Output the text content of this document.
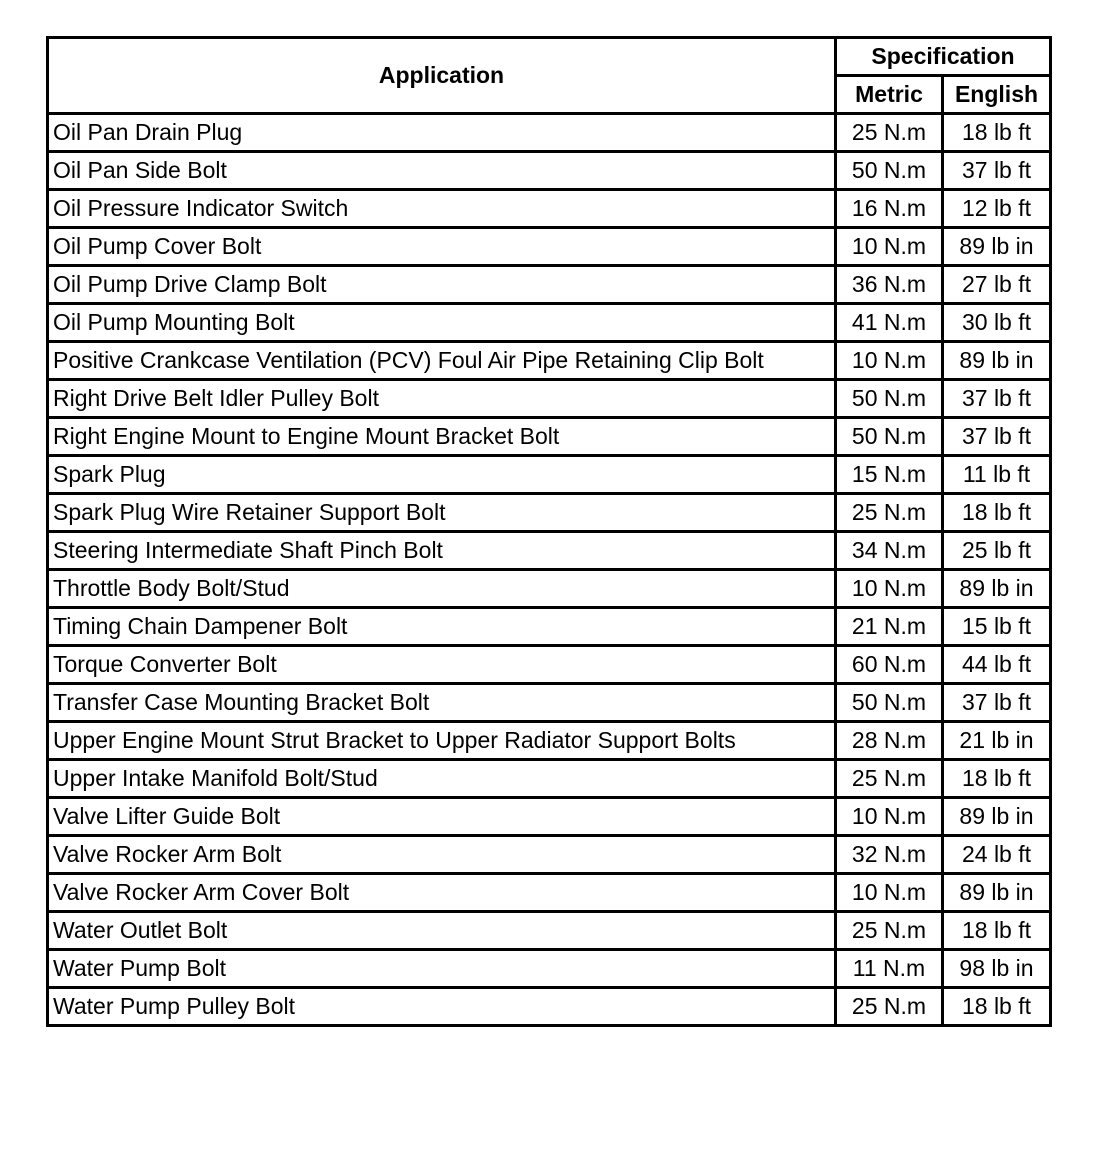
Application	Specification	
	Metric	English
Oil Pan Drain Plug	25 N.m	18 lb ft
Oil Pan Side Bolt	50 N.m	37 lb ft
Oil Pressure Indicator Switch	16 N.m	12 lb ft
Oil Pump Cover Bolt	10 N.m	89 lb in
Oil Pump Drive Clamp Bolt	36 N.m	27 lb ft
Oil Pump Mounting Bolt	41 N.m	30 lb ft
Positive Crankcase Ventilation (PCV) Foul Air Pipe Retaining Clip Bolt	10 N.m	89 lb in
Right Drive Belt Idler Pulley Bolt	50 N.m	37 lb ft
Right Engine Mount to Engine Mount Bracket Bolt	50 N.m	37 lb ft
Spark Plug	15 N.m	11 lb ft
Spark Plug Wire Retainer Support Bolt	25 N.m	18 lb ft
Steering Intermediate Shaft Pinch Bolt	34 N.m	25 lb ft
Throttle Body Bolt/Stud	10 N.m	89 lb in
Timing Chain Dampener Bolt	21 N.m	15 lb ft
Torque Converter Bolt	60 N.m	44 lb ft
Transfer Case Mounting Bracket Bolt	50 N.m	37 lb ft
Upper Engine Mount Strut Bracket to Upper Radiator Support Bolts	28 N.m	21 lb in
Upper Intake Manifold Bolt/Stud	25 N.m	18 lb ft
Valve Lifter Guide Bolt	10 N.m	89 lb in
Valve Rocker Arm Bolt	32 N.m	24 lb ft
Valve Rocker Arm Cover Bolt	10 N.m	89 lb in
Water Outlet Bolt	25 N.m	18 lb ft
Water Pump Bolt	11 N.m	98 lb in
Water Pump Pulley Bolt	25 N.m	18 lb ft
